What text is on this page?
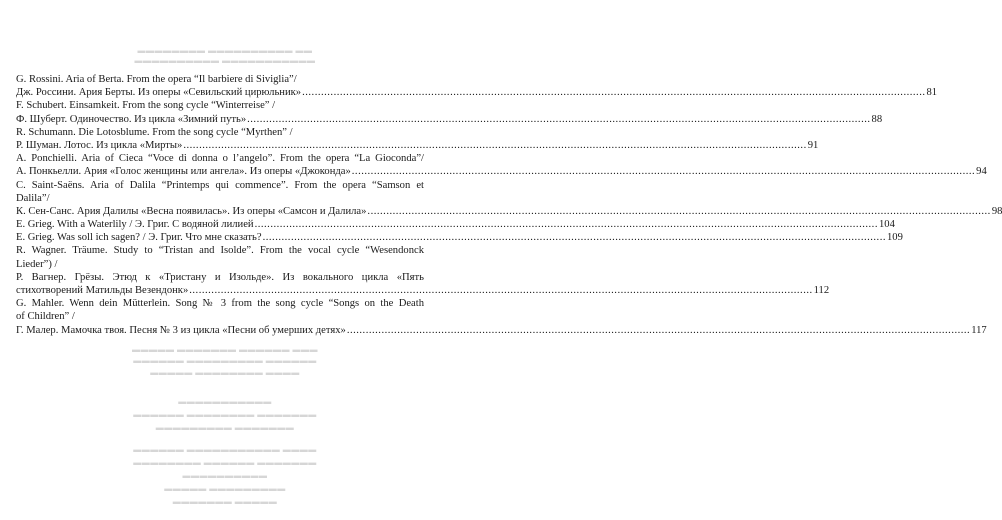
▬▬▬▬▬▬▬▬ ▬▬▬▬▬▬▬▬▬▬ ▬▬
▬▬▬▬▬▬▬▬▬▬ ▬▬▬▬▬▬▬▬▬▬▬
▬▬▬▬▬ ▬▬▬▬▬▬▬ ▬▬▬▬▬▬ ▬▬▬
▬▬▬▬▬▬ ▬▬▬▬▬▬▬▬▬ ▬▬▬▬▬▬
▬▬▬▬▬ ▬▬▬▬▬▬▬▬ ▬▬▬▬
▬▬▬▬▬▬▬▬▬▬▬
▬▬▬▬▬▬ ▬▬▬▬▬▬▬▬ ▬▬▬▬▬▬▬
▬▬▬▬▬▬▬▬▬ ▬▬▬▬▬▬▬
▬▬▬▬▬▬ ▬▬▬▬▬▬▬▬▬▬▬ ▬▬▬▬
▬▬▬▬▬▬▬▬ ▬▬▬▬▬▬ ▬▬▬▬▬▬▬
▬▬▬▬▬▬▬▬▬▬
▬▬▬▬▬ ▬▬▬▬▬▬▬▬▬
▬▬▬▬▬▬▬ ▬▬▬▬▬
G. Rossini. Aria of Berta. From the opera “Il barbiere di Siviglia”/
Дж. Россини. Ария Берты. Из оперы «Севильский цирюльник» .....	81
F. Schubert. Einsamkeit. From the song cycle “Winterreise” /
Ф. Шуберт. Одиночество. Из цикла «Зимний путь» .....	88
R. Schumann. Die Lotosblume. From the song cycle “Myrthen” /
Р. Шуман. Лотос. Из цикла «Мирты» .....	91
A. Ponchielli. Aria of Cieca “Voce di donna o l’angelo”. From the opera “La Gioconda”/
А. Понкьелли. Ария «Голос женщины или ангела». Из оперы «Джоконда» .....	94
C. Saint-Saëns. Aria of Dalila “Printemps qui commence”. From the opera “Samson et
Dalila”/
К. Сен-Санс. Ария Далилы «Весна появилась». Из оперы «Самсон и Далила» .....	98
E. Grieg. With a Waterlily / Э. Григ. С водяной лилией .....	104
E. Grieg. Was soll ich sagen? / Э. Григ. Что мне сказать? .....	109
R. Wagner. Träume. Study to “Tristan and Isolde”. From the vocal cycle “Wesendonck
Lieder”) /
Р. Вагнер. Грёзы. Этюд к «Тристану и Изольде». Из вокального цикла «Пять
стихотворений Матильды Везендонк» .....	112
G. Mahler. Wenn dein Mütterlein. Song № 3 from the song cycle “Songs on the Death
of Children” /
Г. Малер. Мамочка твоя. Песня № 3 из цикла «Песни об умерших детях» .....	117
